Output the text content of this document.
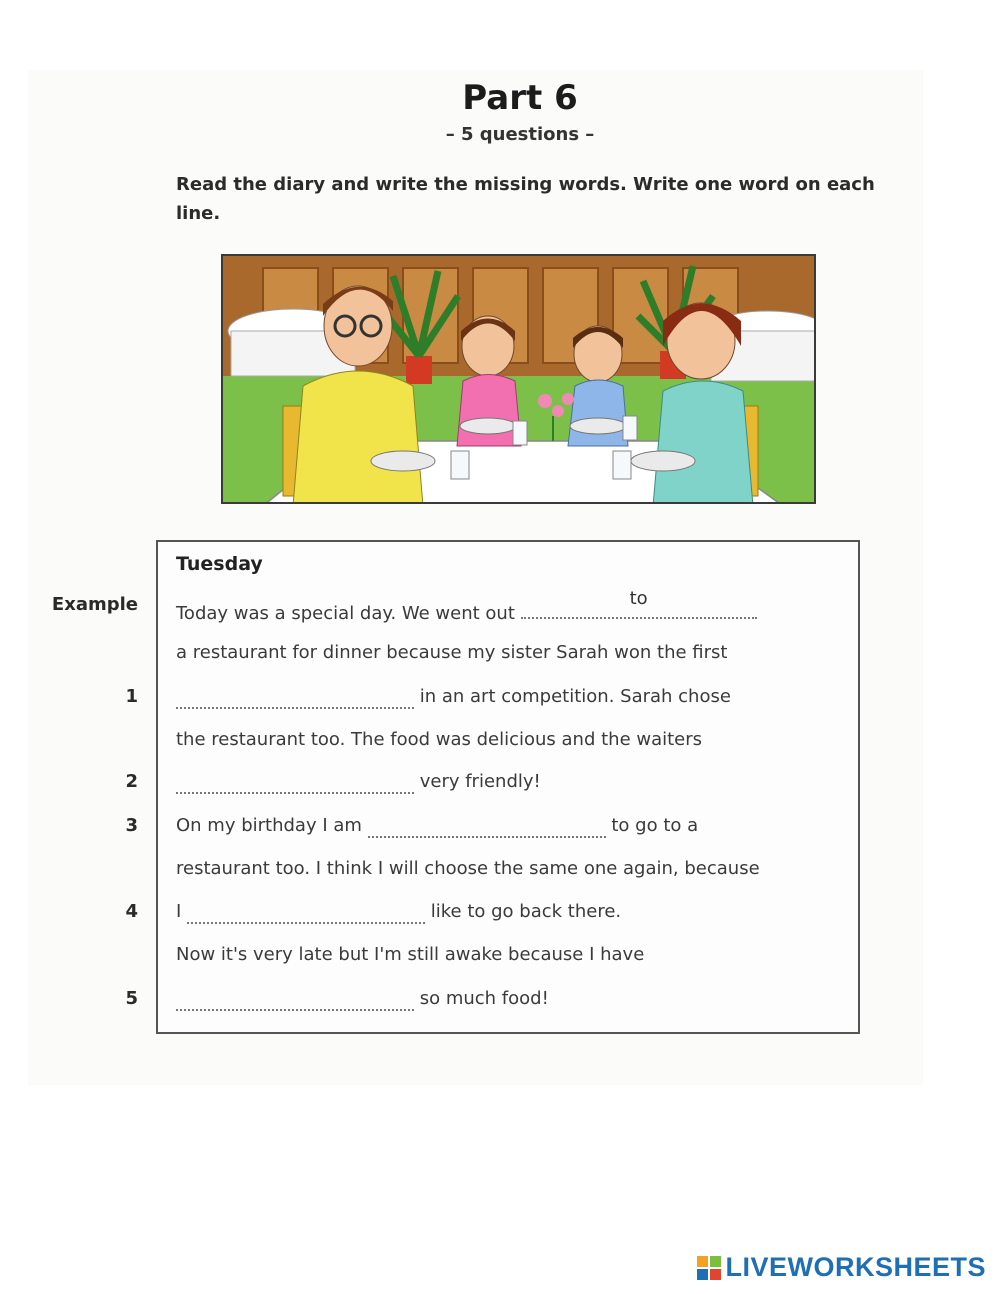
Part 6
– 5 questions –
Read the diary and write the missing words. Write one word on each line.
Tuesday
Example Today was a special day. We went out
to
a restaurant for dinner because my sister Sarah won the first
1	in an art competition. Sarah chose
the restaurant too. The food was delicious and the waiters
2	very friendly!
3 On my birthday I am	to go to a
restaurant too. I think I will choose the same one again, because
4 I	like to go back there.
Now it's very late but I'm still awake because I have
5	so much food!
LIVEWORKSHEETS
